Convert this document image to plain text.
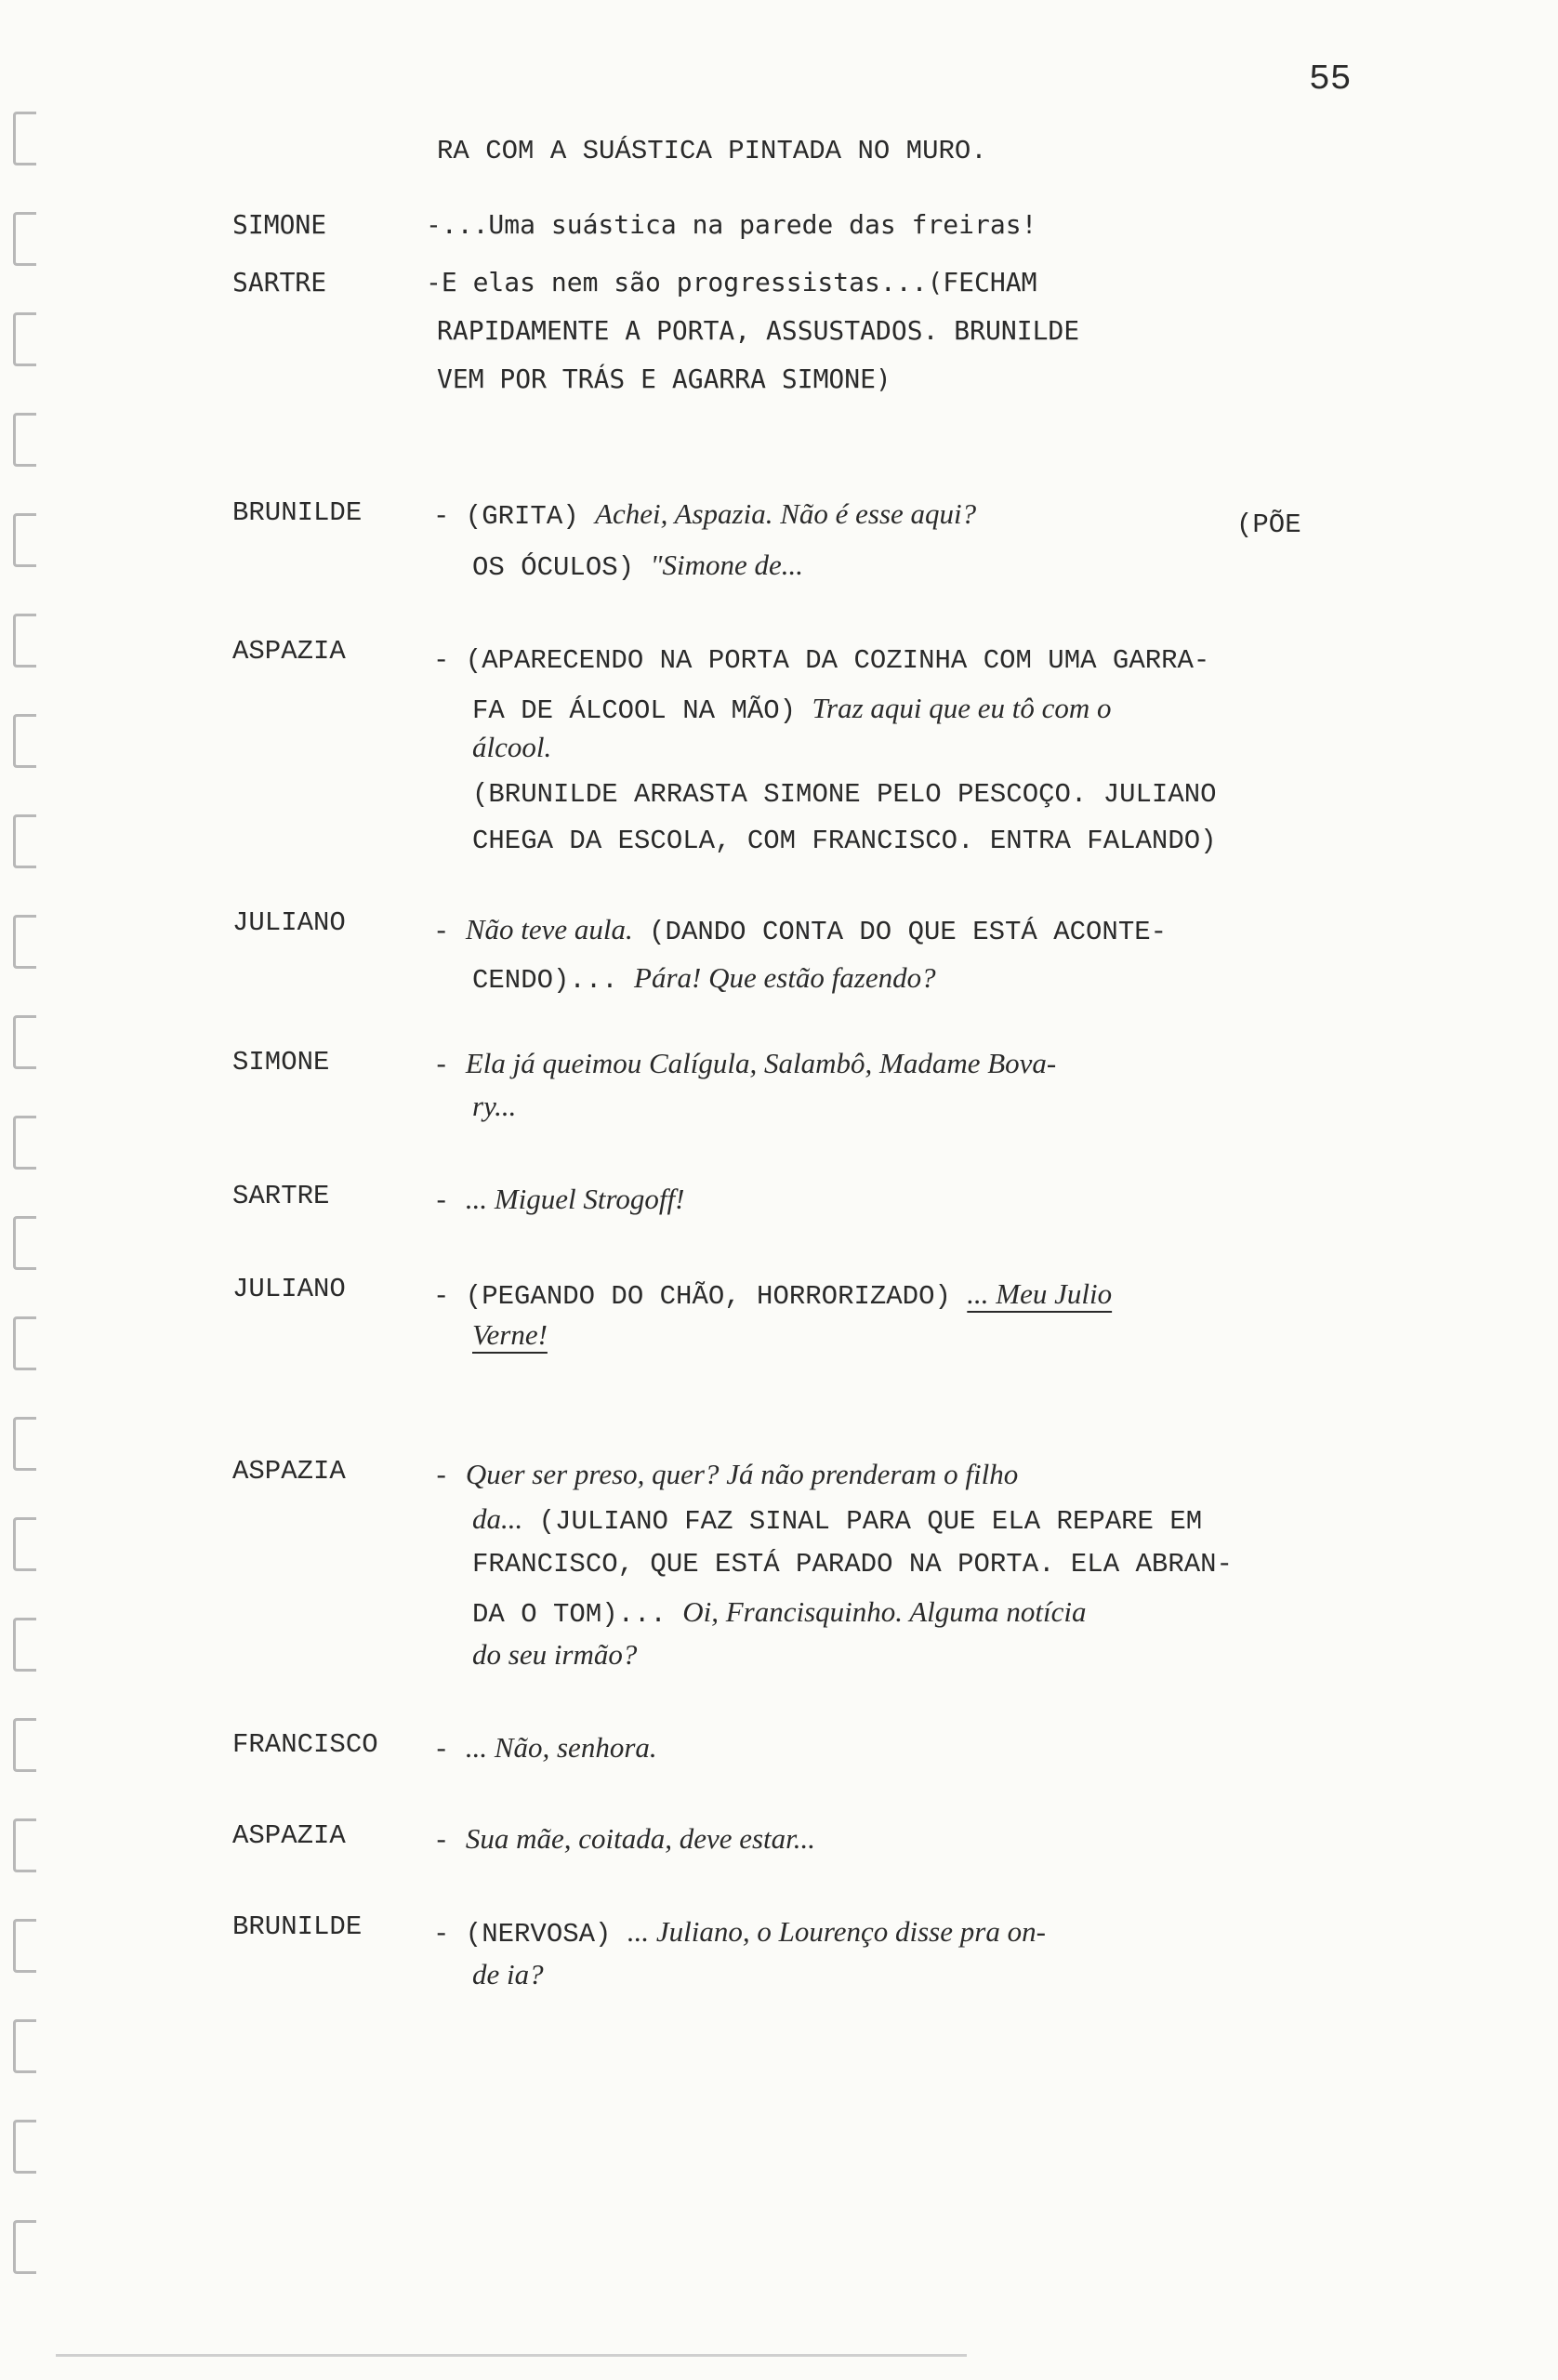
55
RA COM A SUÁSTICA PINTADA NO MURO.
SIMONE	-...Uma suástica na parede das freiras!
SARTRE	-E elas nem são progressistas...(FECHAM
RAPIDAMENTE A PORTA, ASSUSTADOS. BRUNILDE
VEM POR TRÁS E AGARRA SIMONE)
BRUNILDE	- (GRITA) Achei, Aspazia. Não é esse aqui?	(PÕE
OS ÓCULOS) "Simone de...
ASPAZIA	- (APARECENDO NA PORTA DA COZINHA COM UMA GARRA-
FA DE ÁLCOOL NA MÃO) Traz aqui que eu tô com o
álcool.
(BRUNILDE ARRASTA SIMONE PELO PESCOÇO. JULIANO
CHEGA DA ESCOLA, COM FRANCISCO. ENTRA FALANDO)
JULIANO	- Não teve aula. (DANDO CONTA DO QUE ESTÁ ACONTE-
CENDO)... Pára! Que estão fazendo?
SIMONE	- Ela já queimou Calígula, Salambô, Madame Bova-
ry...
SARTRE	- ... Miguel Strogoff!
JULIANO	- (PEGANDO DO CHÃO, HORRORIZADO) ... Meu Julio
Verne!
ASPAZIA	- Quer ser preso, quer? Já não prenderam o filho
da... (JULIANO FAZ SINAL PARA QUE ELA REPARE EM
FRANCISCO, QUE ESTÁ PARADO NA PORTA. ELA ABRAN-
DA O TOM)... Oi, Francisquinho. Alguma notícia
do seu irmão?
FRANCISCO - ... Não, senhora.
ASPAZIA	- Sua mãe, coitada, deve estar...
BRUNILDE	- (NERVOSA) ... Juliano, o Lourenço disse pra on-
de ia?
